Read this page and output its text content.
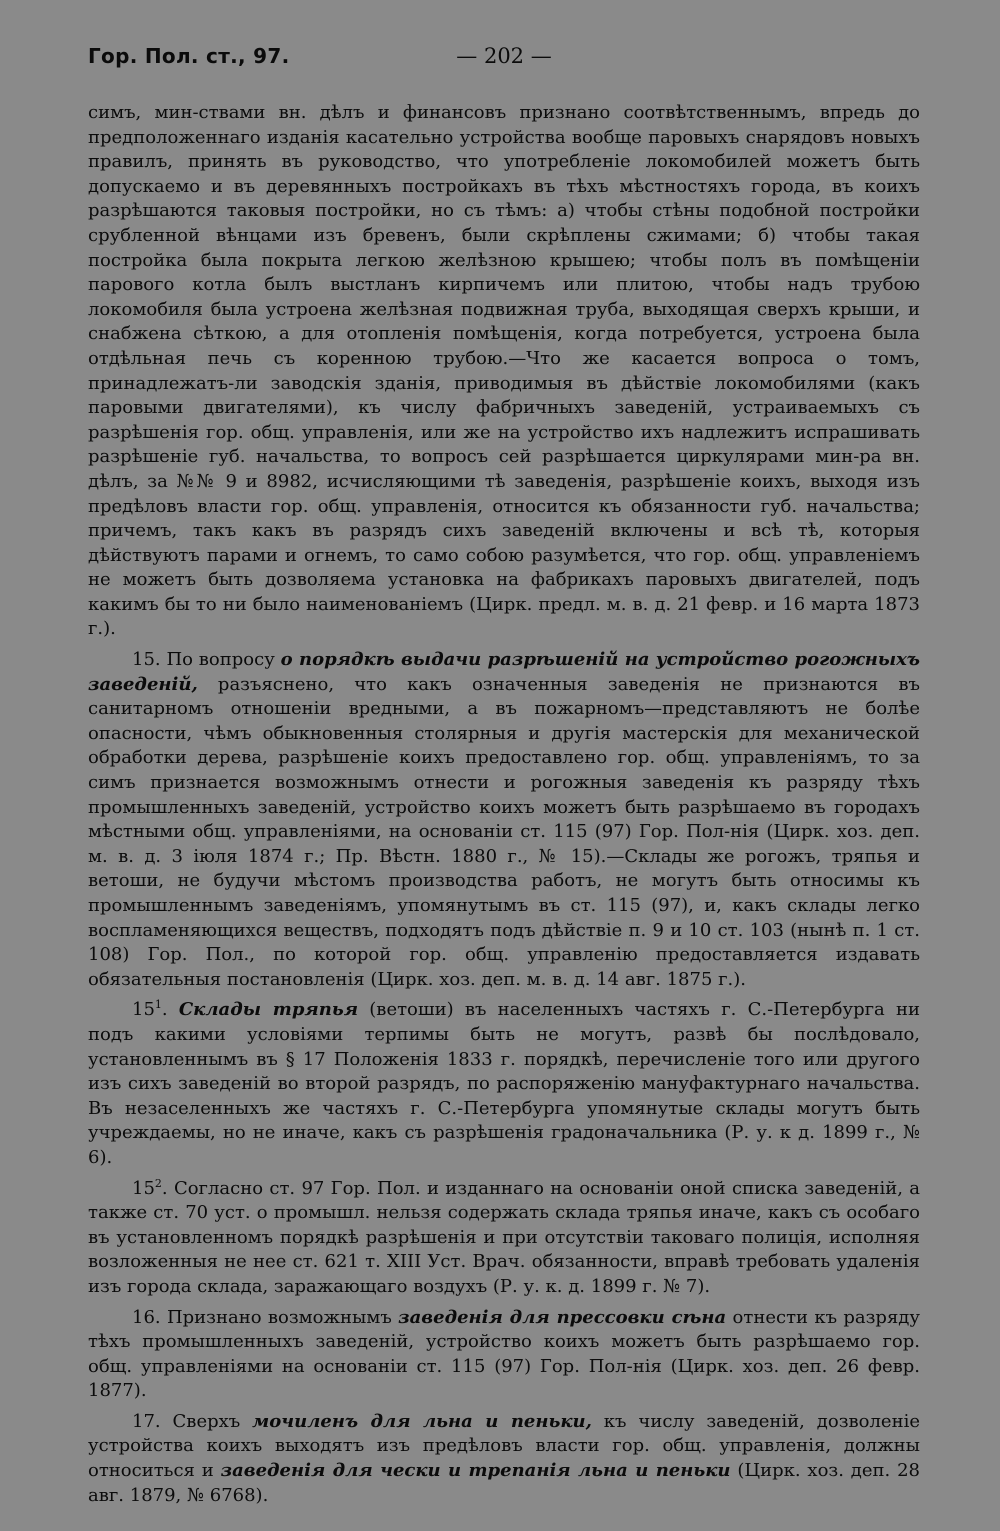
Гор. Пол. ст., 97.	— 202 —

симъ, мин-ствами вн. дѣлъ и финансовъ признано соотвѣтственнымъ, впредь до предположеннаго изданія касательно устройства вообще паровыхъ снарядовъ новыхъ правилъ, принять въ руководство, что употребленіе локомобилей можетъ быть допускаемо и въ деревянныхъ постройкахъ въ тѣхъ мѣстностяхъ города, въ коихъ разрѣшаются таковыя постройки, но съ тѣмъ: а) чтобы стѣны подобной постройки срубленной вѣнцами изъ бревенъ, были скрѣплены сжимами; б) чтобы такая постройка была покрыта легкою желѣзною крышею; чтобы полъ въ помѣщеніи парового котла былъ выстланъ кирпичемъ или плитою, чтобы надъ трубою локомобиля была устроена желѣзная подвижная труба, выходящая сверхъ крыши, и снабжена сѣткою, а для отопленія помѣщенія, когда потребуется, устроена была отдѣльная печь съ коренною трубою.—Что же касается вопроса о томъ, принадлежатъ-ли заводскія зданія, приводимыя въ дѣйствіе локомобилями (какъ паровыми двигателями), къ числу фабричныхъ заведеній, устраиваемыхъ съ разрѣшенія гор. общ. управленія, или же на устройство ихъ надлежитъ испрашивать разрѣшеніе губ. начальства, то вопросъ сей разрѣшается циркулярами мин-ра вн. дѣлъ, за №№ 9 и 8982, исчисляющими тѣ заведенія, разрѣшеніе коихъ, выходя изъ предѣловъ власти гор. общ. управленія, относится къ обязанности губ. начальства; причемъ, такъ какъ въ разрядъ сихъ заведеній включены и всѣ тѣ, которыя дѣйствуютъ парами и огнемъ, то само собою разумѣется, что гор. общ. управленіемъ не можетъ быть дозволяема установка на фабрикахъ паровыхъ двигателей, подъ какимъ бы то ни было наименованіемъ (Цирк. предл. м. в. д. 21 февр. и 16 марта 1873 г.).

15. По вопросу о порядкѣ выдачи разрѣшеній на устройство рогожныхъ заведеній, разъяснено, что какъ означенныя заведенія не признаются въ санитарномъ отношеніи вредными, а въ пожарномъ—представляютъ не болѣе опасности, чѣмъ обыкновенныя столярныя и другія мастерскія для механической обработки дерева, разрѣшеніе коихъ предоставлено гор. общ. управленіямъ, то за симъ признается возможнымъ отнести и рогожныя заведенія къ разряду тѣхъ промышленныхъ заведеній, устройство коихъ можетъ быть разрѣшаемо въ городахъ мѣстными общ. управленіями, на основаніи ст. 115 (97) Гор. Пол-нія (Цирк. хоз. деп. м. в. д. 3 іюля 1874 г.; Пр. Вѣстн. 1880 г., № 15).—Склады же рогожъ, тряпья и ветоши, не будучи мѣстомъ производства работъ, не могутъ быть относимы къ промышленнымъ заведеніямъ, упомянутымъ въ ст. 115 (97), и, какъ склады легко воспламеняющихся веществъ, подходятъ подъ дѣйствіе п. 9 и 10 ст. 103 (нынѣ п. 1 ст. 108) Гор. Пол., по которой гор. общ. управленію предоставляется издавать обязательныя постановленія (Цирк. хоз. деп. м. в. д. 14 авг. 1875 г.).

$15^1$. Склады тряпья (ветоши) въ населенныхъ частяхъ г. С.-Петербурга ни подъ какими условіями терпимы быть не могутъ, развѣ бы послѣдовало, установленнымъ въ § 17 Положенія 1833 г. порядкѣ, перечисленіе того или другого изъ сихъ заведеній во второй разрядъ, по распоряженію мануфактурнаго начальства. Въ незаселенныхъ же частяхъ г. С.-Петербурга упомянутые склады могутъ быть учреждаемы, но не иначе, какъ съ разрѣшенія градоначальника (Р. у. к д. 1899 г., № 6).

$15^2$. Согласно ст. 97 Гор. Пол. и изданнаго на основаніи оной списка заведеній, а также ст. 70 уст. о промышл. нельзя содержать склада тряпья иначе, какъ съ особаго въ установленномъ порядкѣ разрѣшенія и при отсутствіи таковаго полиція, исполняя возложенныя не нее ст. 621 т. XIII Уст. Врач. обязанности, вправѣ требовать удаленія изъ города склада, заражающаго воздухъ (Р. у. к. д. 1899 г. № 7).

16. Признано возможнымъ заведенія для прессовки сѣна отнести къ разряду тѣхъ промышленныхъ заведеній, устройство коихъ можетъ быть разрѣшаемо гор. общ. управленіями на основаніи ст. 115 (97) Гор. Пол-нія (Цирк. хоз. деп. 26 февр. 1877).

17. Сверхъ мочиленъ для льна и пеньки, къ числу заведеній, дозволеніе устройства коихъ выходятъ изъ предѣловъ власти гор. общ. управленія, должны относиться и заведенія для чески и трепанія льна и пеньки (Цирк. хоз. деп. 28 авг. 1879, № 6768).
